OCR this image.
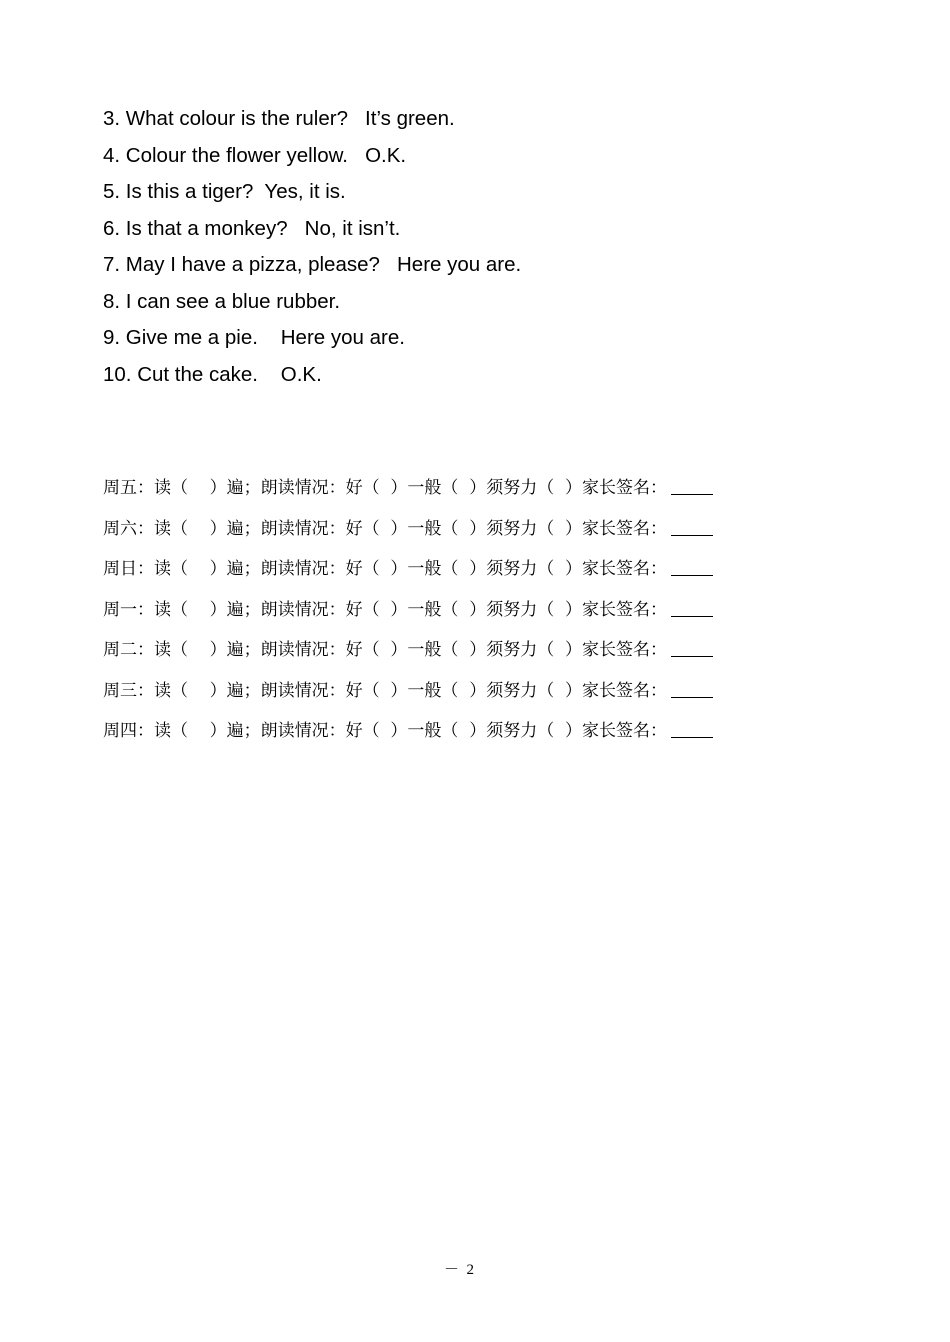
3. What colour is the ruler?   It’s green.
4. Colour the flower yellow.   O.K.
5. Is this a tiger?  Yes, it is.
6. Is that a monkey?   No, it isn’t.
7. May I have a pizza, please?   Here you are.
8. I can see a blue rubber.
9. Give me a pie.    Here you are.
10. Cut the cake.    O.K.
周五：读（    ）遍；朗读情况：好（  ）一般（  ）须努力（  ）家长签名：
周六：读（    ）遍；朗读情况：好（  ）一般（  ）须努力（  ）家长签名：
周日：读（    ）遍；朗读情况：好（  ）一般（  ）须努力（  ）家长签名：
周一：读（    ）遍；朗读情况：好（  ）一般（  ）须努力（  ）家长签名：
周二：读（    ）遍；朗读情况：好（  ）一般（  ）须努力（  ）家长签名：
周三：读（    ）遍；朗读情况：好（  ）一般（  ）须努力（  ）家长签名：
周四：读（    ）遍；朗读情况：好（  ）一般（  ）须努力（  ）家长签名：
－  2
